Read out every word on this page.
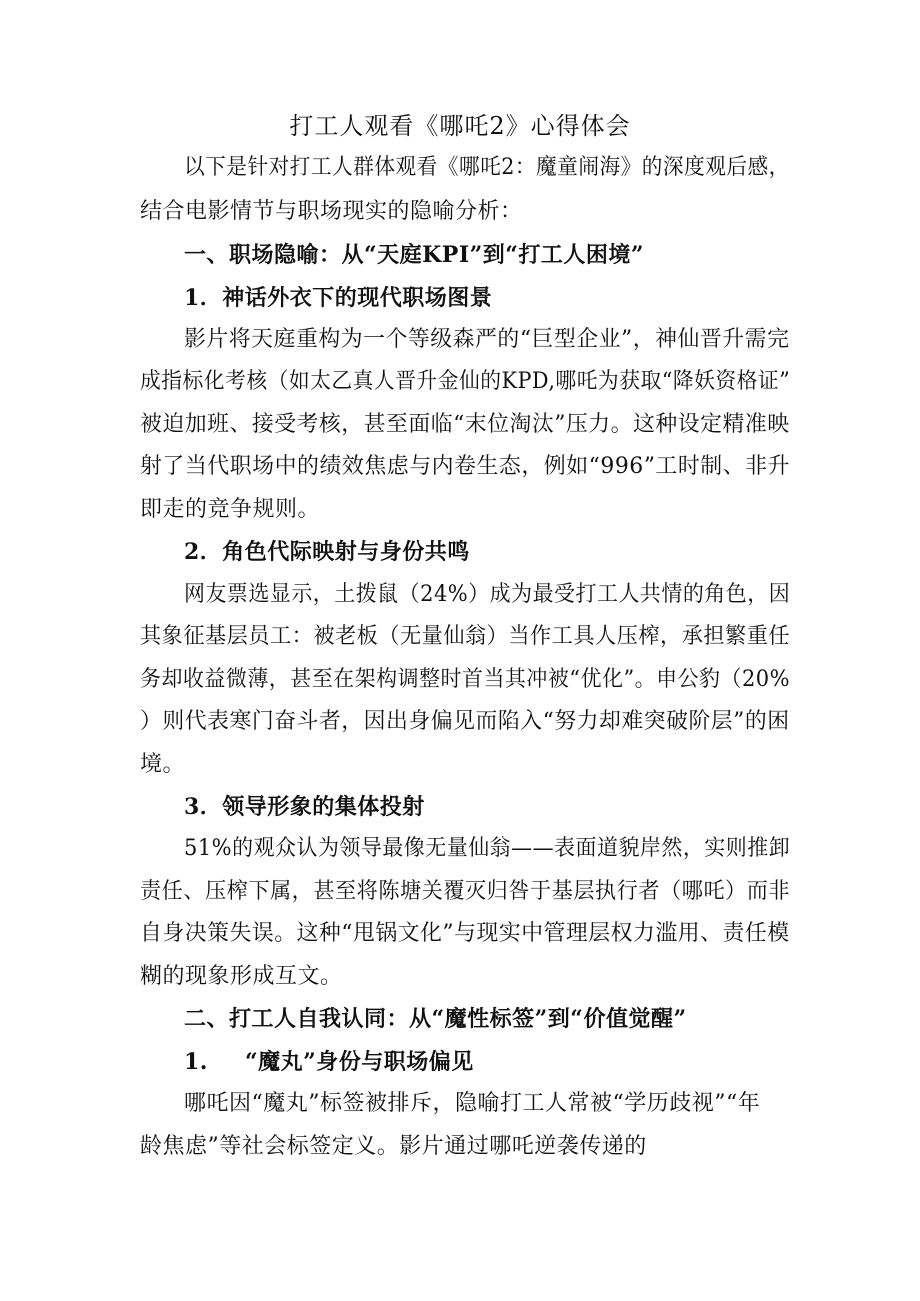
打工人观看《哪吒2》心得体会
以下是针对打工人群体观看《哪吒2：魔童闹海》的深度观后感，
结合电影情节与职场现实的隐喻分析：
一、职场隐喻：从“天庭KPI”到“打工人困境”
1．神话外衣下的现代职场图景
影片将天庭重构为一个等级森严的“巨型企业”，神仙晋升需完
成指标化考核（如太乙真人晋升金仙的KPD,哪吒为获取“降妖资格证”
被迫加班、接受考核，甚至面临“末位淘汰”压力。这种设定精准映
射了当代职场中的绩效焦虑与内卷生态，例如“996”工时制、非升
即走的竞争规则。
2．角色代际映射与身份共鸣
网友票选显示，土拨鼠（24%）成为最受打工人共情的角色，因
其象征基层员工：被老板（无量仙翁）当作工具人压榨，承担繁重任
务却收益微薄，甚至在架构调整时首当其冲被“优化”。申公豹（20%
）则代表寒门奋斗者，因出身偏见而陷入“努力却难突破阶层”的困
境。
3．领导形象的集体投射
51%的观众认为领导最像无量仙翁——表面道貌岸然，实则推卸
责任、压榨下属，甚至将陈塘关覆灭归咎于基层执行者（哪吒）而非
自身决策失误。这种“甩锅文化”与现实中管理层权力滥用、责任模
糊的现象形成互文。
二、打工人自我认同：从“魔性标签”到“价值觉醒”
1. “魔丸”身份与职场偏见
哪吒因“魔丸”标签被排斥，隐喻打工人常被“学历歧视”“年
龄焦虑”等社会标签定义。影片通过哪吒逆袭传递的
